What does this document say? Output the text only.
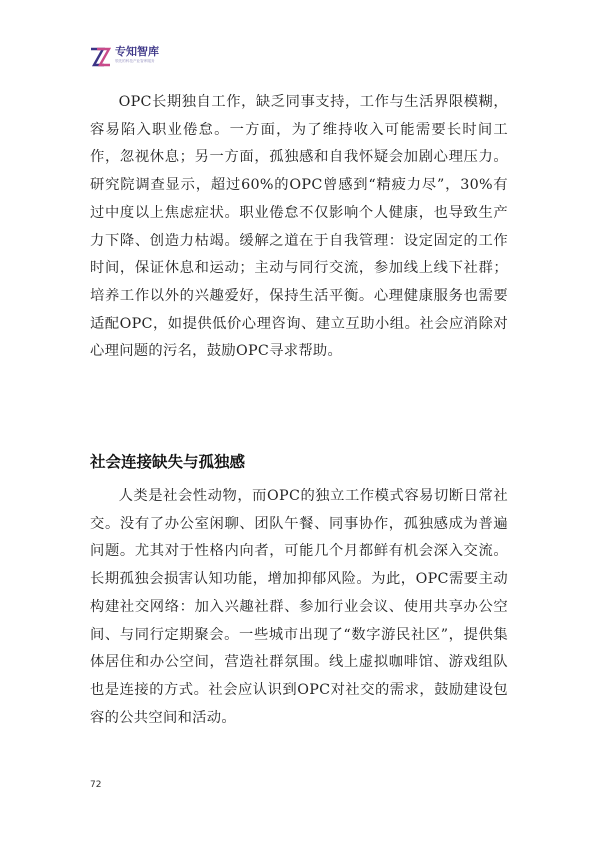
专知智库
领先的科技产业智库服务

OPC长期独自工作，缺乏同事支持，工作与生活界限模糊，容易陷入职业倦怠。一方面，为了维持收入可能需要长时间工作，忽视休息；另一方面，孤独感和自我怀疑会加剧心理压力。研究院调查显示，超过60%的OPC曾感到“精疲力尽”，30%有过中度以上焦虑症状。职业倦怠不仅影响个人健康，也导致生产力下降、创造力枯竭。缓解之道在于自我管理：设定固定的工作时间，保证休息和运动；主动与同行交流，参加线上线下社群；培养工作以外的兴趣爱好，保持生活平衡。心理健康服务也需要适配OPC，如提供低价心理咨询、建立互助小组。社会应消除对心理问题的污名，鼓励OPC寻求帮助。

社会连接缺失与孤独感

人类是社会性动物，而OPC的独立工作模式容易切断日常社交。没有了办公室闲聊、团队午餐、同事协作，孤独感成为普遍问题。尤其对于性格内向者，可能几个月都鲜有机会深入交流。长期孤独会损害认知功能，增加抑郁风险。为此，OPC需要主动构建社交网络：加入兴趣社群、参加行业会议、使用共享办公空间、与同行定期聚会。一些城市出现了“数字游民社区”，提供集体居住和办公空间，营造社群氛围。线上虚拟咖啡馆、游戏组队也是连接的方式。社会应认识到OPC对社交的需求，鼓励建设包容的公共空间和活动。

72
